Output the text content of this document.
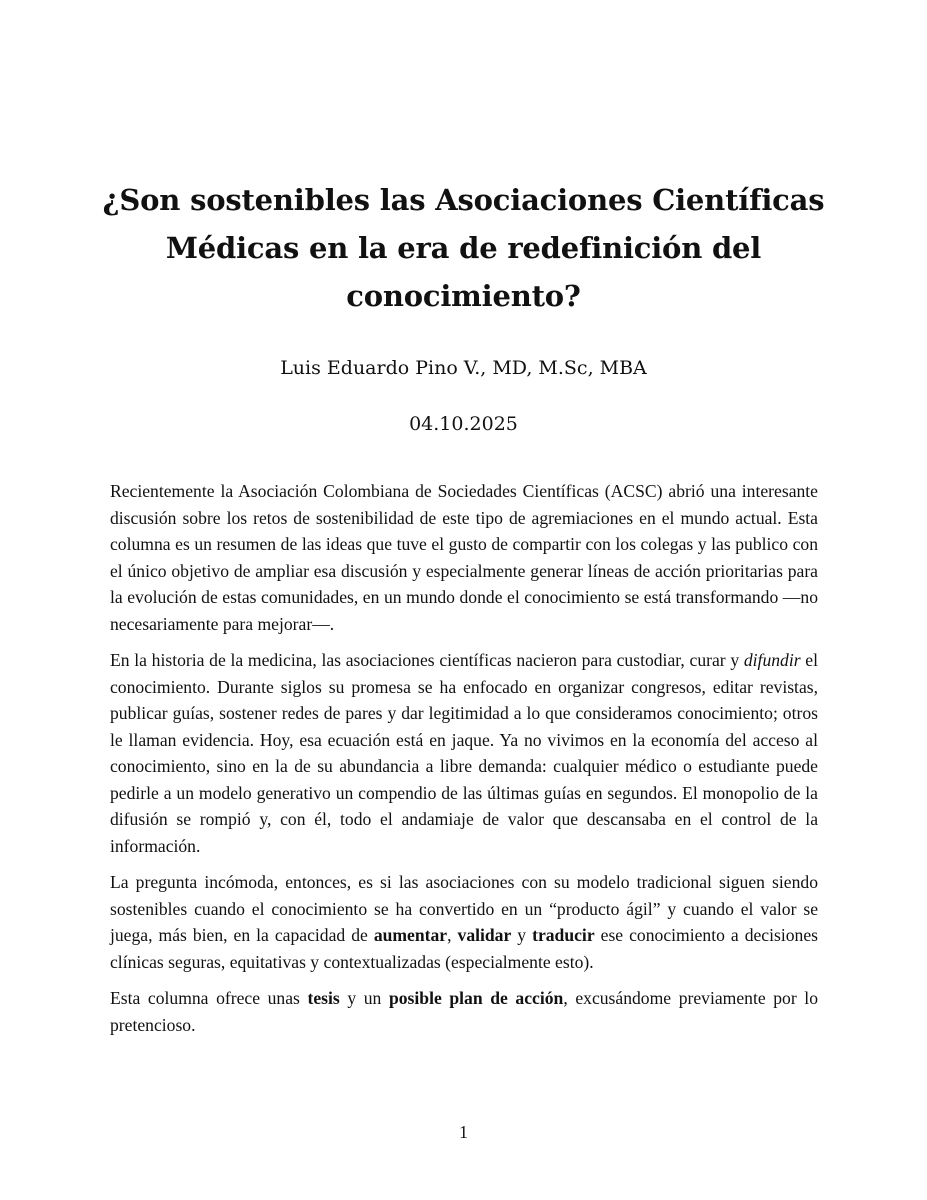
¿Son sostenibles las Asociaciones Científicas Médicas en la era de redefinición del conocimiento?
Luis Eduardo Pino V., MD, M.Sc, MBA
04.10.2025

Recientemente la Asociación Colombiana de Sociedades Científicas (ACSC) abrió una interesante discusión sobre los retos de sostenibilidad de este tipo de agremiaciones en el mundo actual. Esta columna es un resumen de las ideas que tuve el gusto de compartir con los colegas y las publico con el único objetivo de ampliar esa discusión y especialmente generar líneas de acción prioritarias para la evolución de estas comunidades, en un mundo donde el conocimiento se está transformando —no necesariamente para mejorar—.

En la historia de la medicina, las asociaciones científicas nacieron para custodiar, curar y difundir el conocimiento. Durante siglos su promesa se ha enfocado en organizar congresos, editar revistas, publicar guías, sostener redes de pares y dar legitimidad a lo que consideramos conocimiento; otros le llaman evidencia. Hoy, esa ecuación está en jaque. Ya no vivimos en la economía del acceso al conocimiento, sino en la de su abundancia a libre demanda: cualquier médico o estudiante puede pedirle a un modelo generativo un compendio de las últimas guías en segundos. El monopolio de la difusión se rompió y, con él, todo el andamiaje de valor que descansaba en el control de la información.

La pregunta incómoda, entonces, es si las asociaciones con su modelo tradicional siguen siendo sostenibles cuando el conocimiento se ha convertido en un “producto ágil” y cuando el valor se juega, más bien, en la capacidad de aumentar, validar y traducir ese conocimiento a decisiones clínicas seguras, equitativas y contextualizadas (especialmente esto).

Esta columna ofrece unas tesis y un posible plan de acción, excusándome previamente por lo pretencioso.

1
